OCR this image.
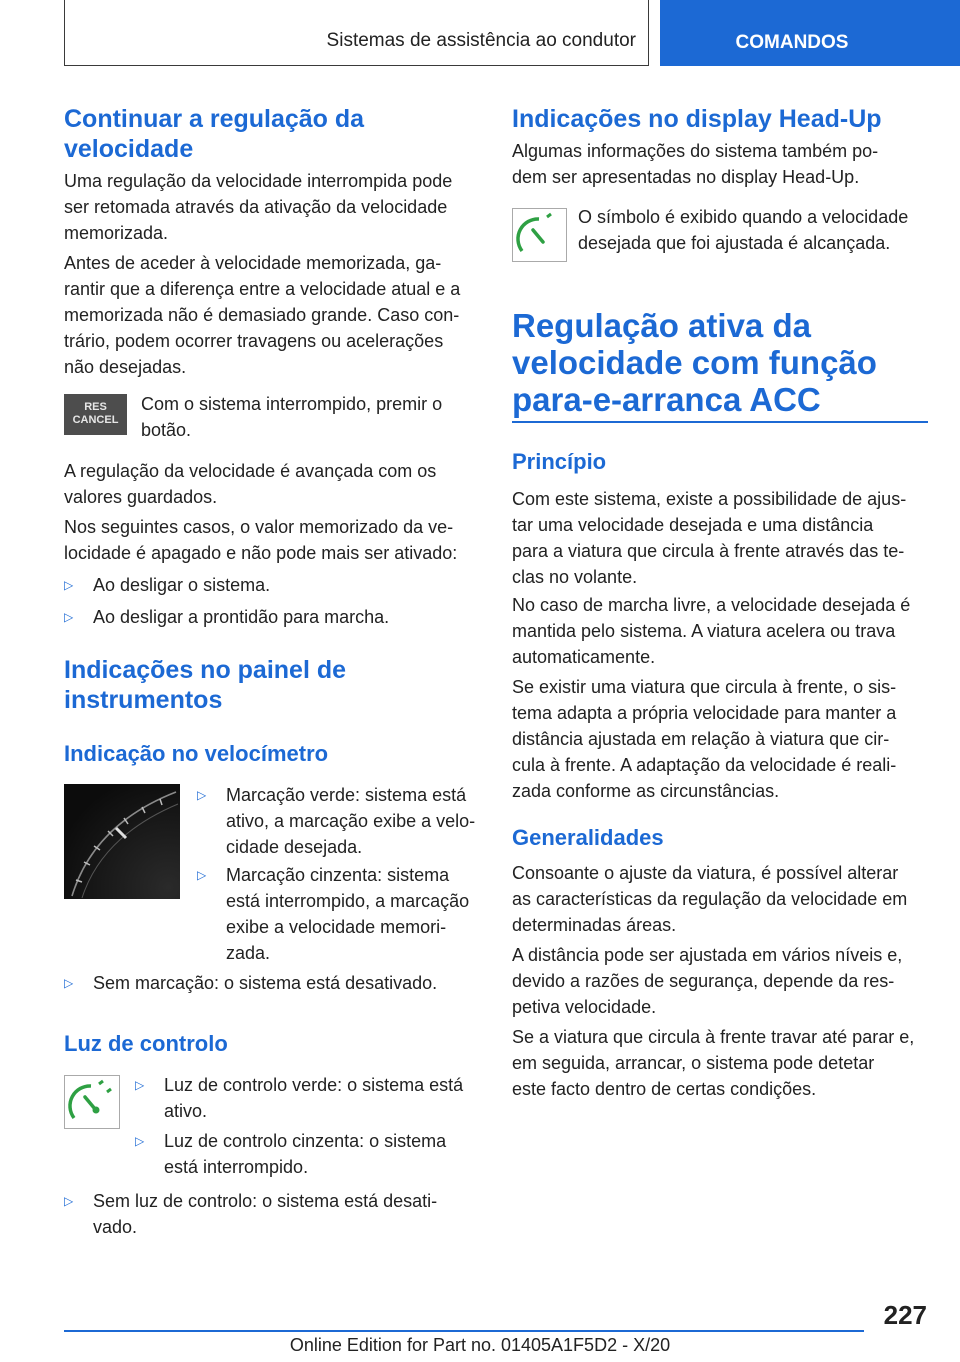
Sistemas de assistência ao condutor	COMANDOS
Continuar a regulação da
velocidade

Uma regulação da velocidade interrompida pode
ser retomada através da ativação da velocidade
memorizada.

Antes de aceder à velocidade memorizada, ga-
rantir que a diferença entre a velocidade atual e a
memorizada não é demasiado grande. Caso con-
trário, podem ocorrer travagens ou acelerações
não desejadas.

RES
CANCEL

Com o sistema interrompido, premir o
botão.

A regulação da velocidade é avançada com os
valores guardados.

Nos seguintes casos, o valor memorizado da ve-
locidade é apagado e não pode mais ser ativado:

▷	Ao desligar o sistema.
▷	Ao desligar a prontidão para marcha.
Indicações no painel de
instrumentos
Indicação no velocímetro
▷	Marcação verde: sistema está
ativo, a marcação exibe a velo-
cidade desejada.
▷	Marcação cinzenta: sistema
está interrompido, a marcação
exibe a velocidade memori-
zada.
▷	Sem marcação: o sistema está desativado.
Luz de controlo
▷	Luz de controlo verde: o sistema está
ativo.
▷	Luz de controlo cinzenta: o sistema
está interrompido.
▷	Sem luz de controlo: o sistema está desati-
vado.
Indicações no display Head-Up

Algumas informações do sistema também po-
dem ser apresentadas no display Head-Up.

O símbolo é exibido quando a velocidade
desejada que foi ajustada é alcançada.

Regulação ativa da
velocidade com função
para-e-arranca ACC
Princípio

Com este sistema, existe a possibilidade de ajus-
tar uma velocidade desejada e uma distância
para a viatura que circula à frente através das te-
clas no volante.

No caso de marcha livre, a velocidade desejada é
mantida pelo sistema. A viatura acelera ou trava
automaticamente.

Se existir uma viatura que circula à frente, o sis-
tema adapta a própria velocidade para manter a
distância ajustada em relação à viatura que cir-
cula à frente. A adaptação da velocidade é reali-
zada conforme as circunstâncias.

Generalidades

Consoante o ajuste da viatura, é possível alterar
as características da regulação da velocidade em
determinadas áreas.

A distância pode ser ajustada em vários níveis e,
devido a razões de segurança, depende da res-
petiva velocidade.

Se a viatura que circula à frente travar até parar e,
em seguida, arrancar, o sistema pode detetar
este facto dentro de certas condições.

227
Online Edition for Part no. 01405A1F5D2 - X/20
